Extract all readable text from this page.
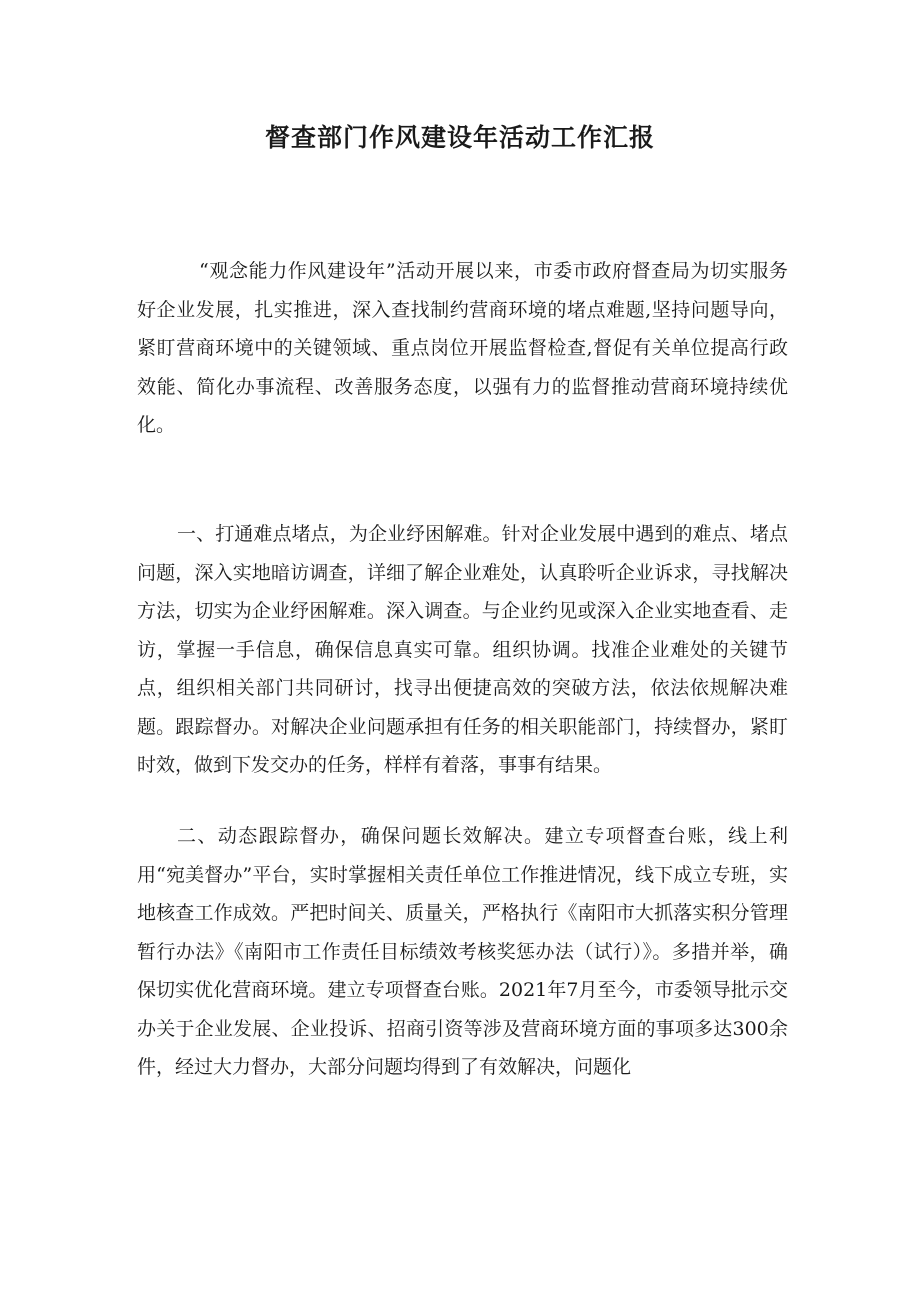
督查部门作风建设年活动工作汇报

“观念能力作风建设年”活动开展以来，市委市政府督查局为切实服务好企业发展，扎实推进，深入查找制约营商环境的堵点难题,坚持问题导向，紧盯营商环境中的关键领域、重点岗位开展监督检查,督促有关单位提高行政效能、简化办事流程、改善服务态度，以强有力的监督推动营商环境持续优化。

一、打通难点堵点，为企业纾困解难。针对企业发展中遇到的难点、堵点问题，深入实地暗访调查，详细了解企业难处，认真聆听企业诉求，寻找解决方法，切实为企业纾困解难。深入调查。与企业约见或深入企业实地查看、走访，掌握一手信息，确保信息真实可靠。组织协调。找准企业难处的关键节点，组织相关部门共同研讨，找寻出便捷高效的突破方法，依法依规解决难题。跟踪督办。对解决企业问题承担有任务的相关职能部门，持续督办，紧盯时效，做到下发交办的任务，样样有着落，事事有结果。

二、动态跟踪督办，确保问题长效解决。建立专项督查台账，线上利用“宛美督办”平台，实时掌握相关责任单位工作推进情况，线下成立专班，实地核查工作成效。严把时间关、质量关，严格执行《南阳市大抓落实积分管理暂行办法》《南阳市工作责任目标绩效考核奖惩办法（试行）》。多措并举，确保切实优化营商环境。建立专项督查台账。2021年7月至今，市委领导批示交办关于企业发展、企业投诉、招商引资等涉及营商环境方面的事项多达300余件，经过大力督办，大部分问题均得到了有效解决，问题化
